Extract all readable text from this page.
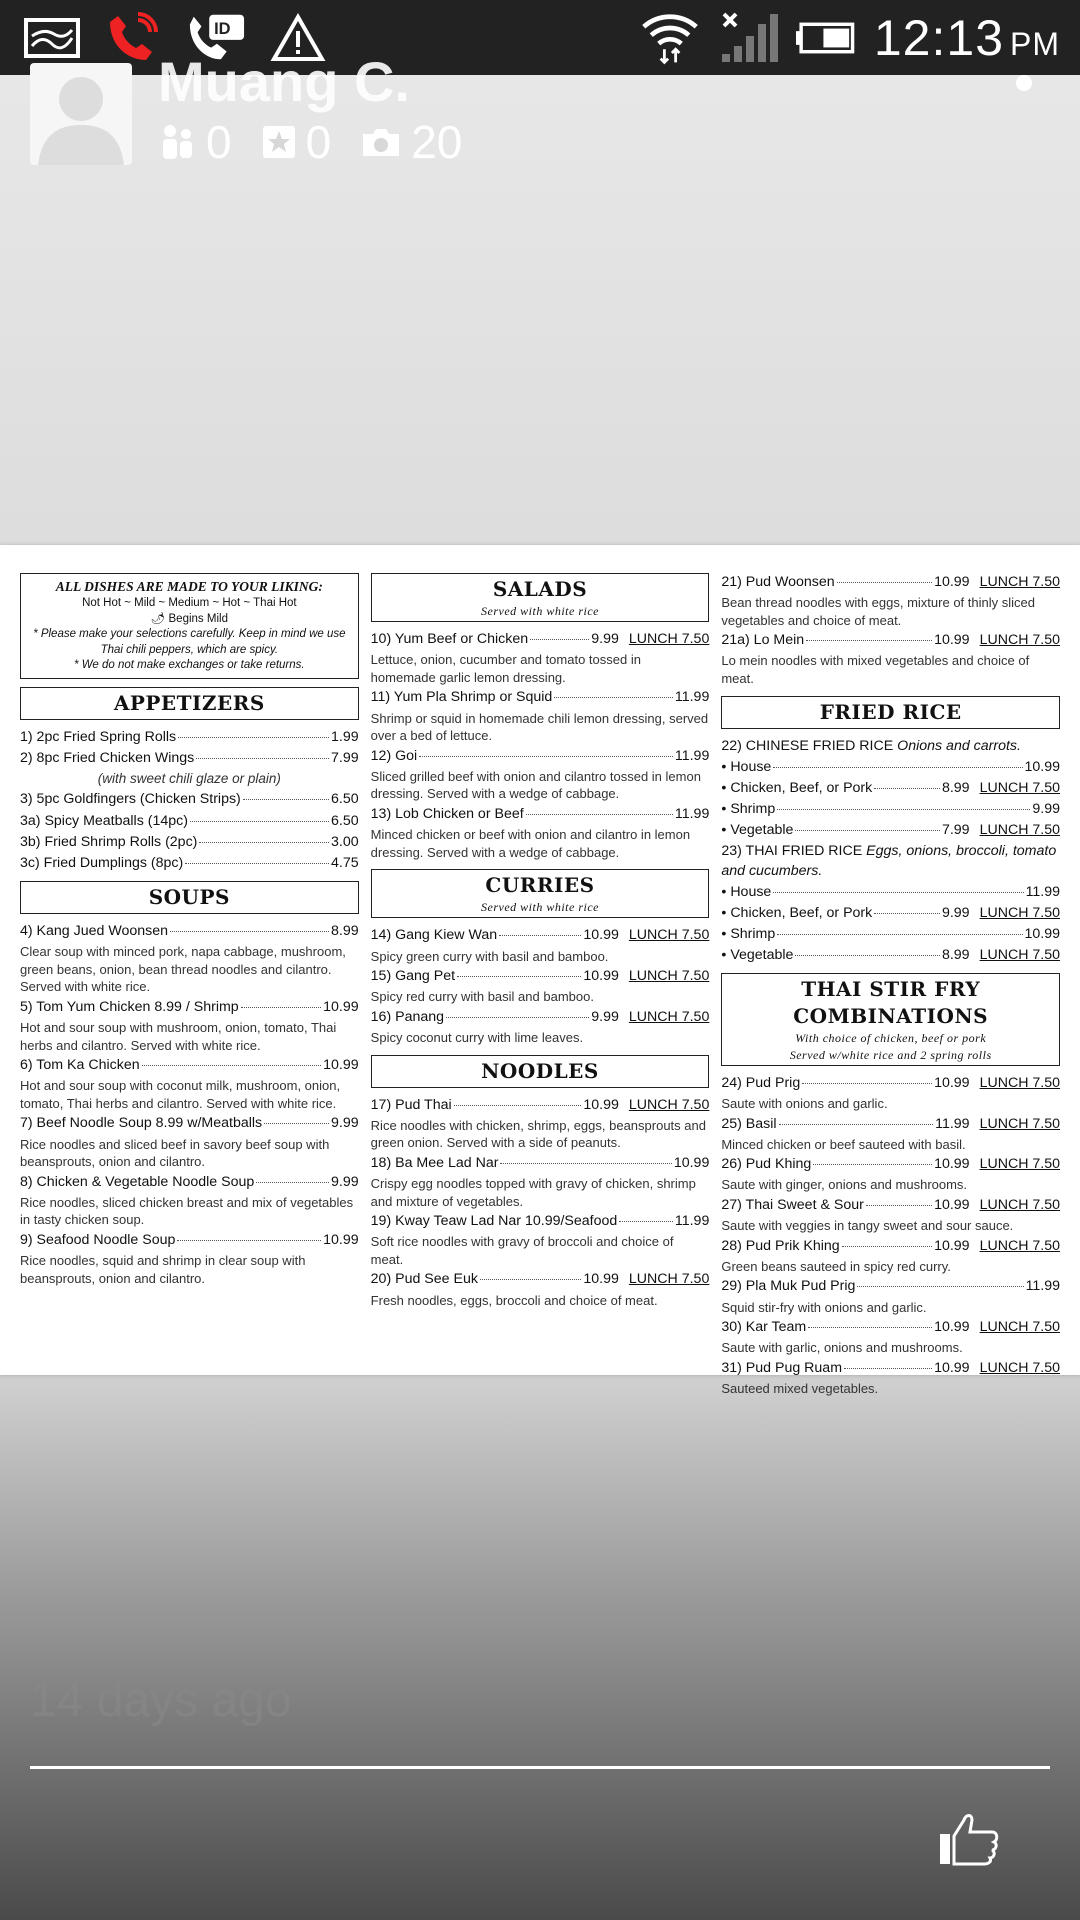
ID	12:13 PM
Muang C.
0 0 20
ALL DISHES ARE MADE TO YOUR LIKING:
Not Hot ~ Mild ~ Medium ~ Hot ~ Thai Hot
🌶 Begins Mild
* Please make your selections carefully. Keep in mind we use Thai chili peppers, which are spicy.
* We do not make exchanges or take returns.
APPETIZERS
1) 2pc Fried Spring Rolls	1.99
2) 8pc Fried Chicken Wings	7.99
(with sweet chili glaze or plain)
3) 5pc Goldfingers (Chicken Strips)	6.50
3a) Spicy Meatballs (14pc)	6.50
3b) Fried Shrimp Rolls (2pc)	3.00
3c) Fried Dumplings (8pc)	4.75
SOUPS
4) Kang Jued Woonsen	8.99
Clear soup with minced pork, napa cabbage, mushroom, green beans, onion, bean thread noodles and cilantro. Served with white rice.
5) Tom Yum Chicken 8.99 / Shrimp	10.99
Hot and sour soup with mushroom, onion, tomato, Thai herbs and cilantro. Served with white rice.
6) Tom Ka Chicken	10.99
Hot and sour soup with coconut milk, mushroom, onion, tomato, Thai herbs and cilantro. Served with white rice.
7) Beef Noodle Soup 8.99 w/Meatballs	9.99
Rice noodles and sliced beef in savory beef soup with beansprouts, onion and cilantro.
8) Chicken & Vegetable Noodle Soup	9.99
Rice noodles, sliced chicken breast and mix of vegetables in tasty chicken soup.
9) Seafood Noodle Soup	10.99
Rice noodles, squid and shrimp in clear soup with beansprouts, onion and cilantro.
SALADS
Served with white rice
10) Yum Beef or Chicken	9.99 LUNCH 7.50
Lettuce, onion, cucumber and tomato tossed in homemade garlic lemon dressing.
11) Yum Pla Shrimp or Squid	11.99
Shrimp or squid in homemade chili lemon dressing, served over a bed of lettuce.
12) Goi	11.99
Sliced grilled beef with onion and cilantro tossed in lemon dressing. Served with a wedge of cabbage.
13) Lob Chicken or Beef	11.99
Minced chicken or beef with onion and cilantro in lemon dressing. Served with a wedge of cabbage.
CURRIES
Served with white rice
14) Gang Kiew Wan	10.99 LUNCH 7.50
Spicy green curry with basil and bamboo.
15) Gang Pet	10.99 LUNCH 7.50
Spicy red curry with basil and bamboo.
16) Panang	9.99 LUNCH 7.50
Spicy coconut curry with lime leaves.
NOODLES
17) Pud Thai	10.99 LUNCH 7.50
Rice noodles with chicken, shrimp, eggs, beansprouts and green onion. Served with a side of peanuts.
18) Ba Mee Lad Nar	10.99
Crispy egg noodles topped with gravy of chicken, shrimp and mixture of vegetables.
19) Kway Teaw Lad Nar 10.99/Seafood	11.99
Soft rice noodles with gravy of broccoli and choice of meat.
20) Pud See Euk	10.99 LUNCH 7.50
Fresh noodles, eggs, broccoli and choice of meat.
21) Pud Woonsen	10.99 LUNCH 7.50
Bean thread noodles with eggs, mixture of thinly sliced vegetables and choice of meat.
21a) Lo Mein	10.99 LUNCH 7.50
Lo mein noodles with mixed vegetables and choice of meat.
FRIED RICE
22) CHINESE FRIED RICE Onions and carrots.
• House	10.99
• Chicken, Beef, or Pork	8.99 LUNCH 7.50
• Shrimp	9.99
• Vegetable	7.99 LUNCH 7.50
23) THAI FRIED RICE Eggs, onions, broccoli, tomato and cucumbers.
• House	11.99
• Chicken, Beef, or Pork	9.99 LUNCH 7.50
• Shrimp	10.99
• Vegetable	8.99 LUNCH 7.50
THAI STIR FRY COMBINATIONS
With choice of chicken, beef or pork
Served w/white rice and 2 spring rolls
24) Pud Prig	10.99 LUNCH 7.50
Saute with onions and garlic.
25) Basil	11.99 LUNCH 7.50
Minced chicken or beef sauteed with basil.
26) Pud Khing	10.99 LUNCH 7.50
Saute with ginger, onions and mushrooms.
27) Thai Sweet & Sour	10.99 LUNCH 7.50
Saute with veggies in tangy sweet and sour sauce.
28) Pud Prik Khing	10.99 LUNCH 7.50
Green beans sauteed in spicy red curry.
29) Pla Muk Pud Prig	11.99
Squid stir-fry with onions and garlic.
30) Kar Team	10.99 LUNCH 7.50
Saute with garlic, onions and mushrooms.
31) Pud Pug Ruam	10.99 LUNCH 7.50
Sauteed mixed vegetables.
14 days ago
